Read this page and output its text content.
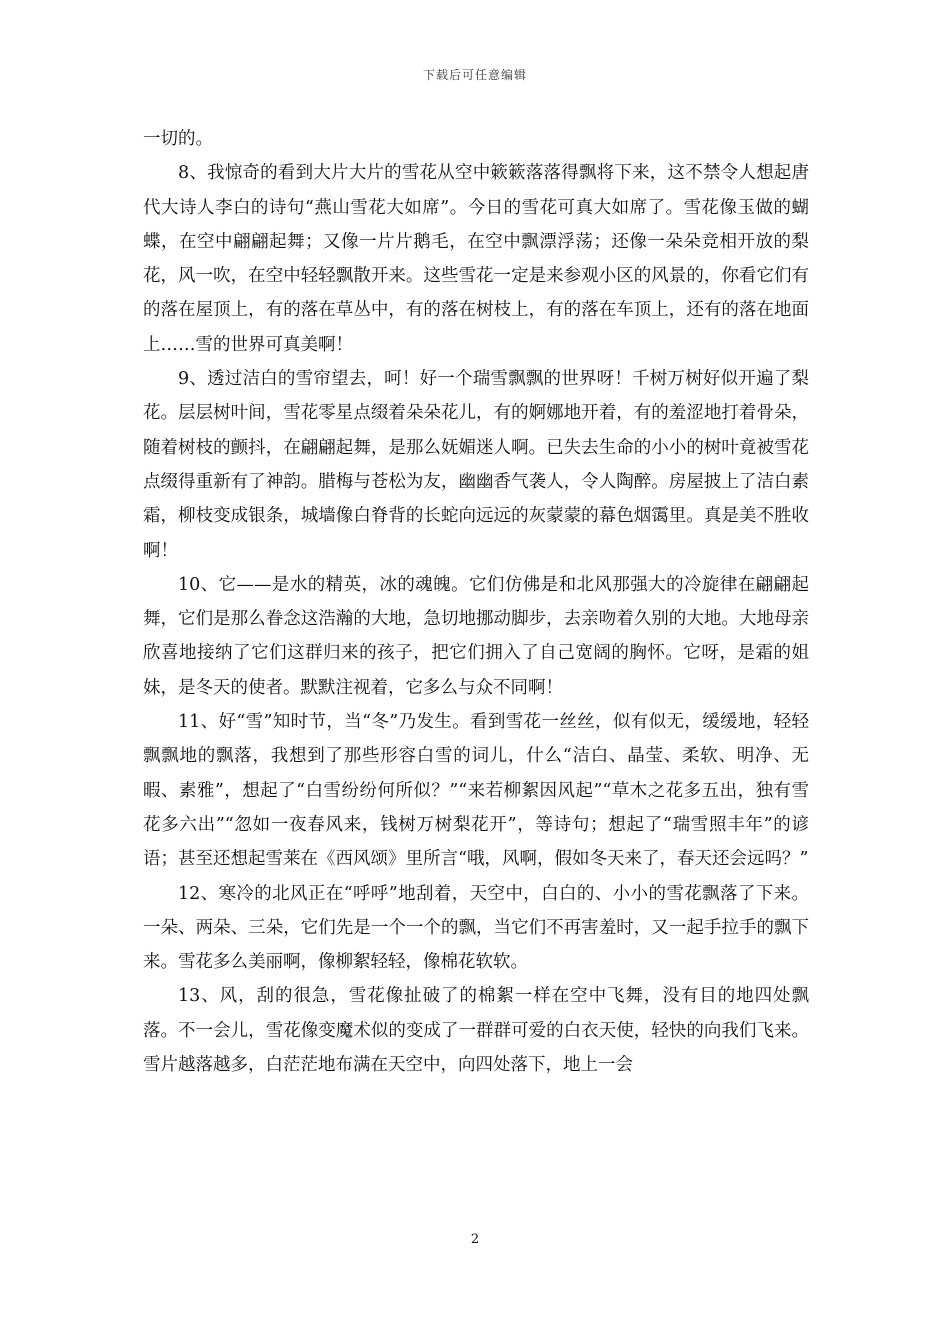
下载后可任意编辑

一切的。

8、我惊奇的看到大片大片的雪花从空中簌簌落落得飘将下来，这不禁令人想起唐代大诗人李白的诗句“燕山雪花大如席”。今日的雪花可真大如席了。雪花像玉做的蝴蝶，在空中翩翩起舞；又像一片片鹅毛，在空中飘漂浮荡；还像一朵朵竞相开放的梨花，风一吹，在空中轻轻飘散开来。这些雪花一定是来参观小区的风景的，你看它们有的落在屋顶上，有的落在草丛中，有的落在树枝上，有的落在车顶上，还有的落在地面上……雪的世界可真美啊！

9、透过洁白的雪帘望去，呵！好一个瑞雪飘飘的世界呀！千树万树好似开遍了梨花。层层树叶间，雪花零星点缀着朵朵花儿，有的婀娜地开着，有的羞涩地打着骨朵，随着树枝的颤抖，在翩翩起舞，是那么妩媚迷人啊。已失去生命的小小的树叶竟被雪花点缀得重新有了神韵。腊梅与苍松为友，幽幽香气袭人，令人陶醉。房屋披上了洁白素霜，柳枝变成银条，城墙像白脊背的长蛇向远远的灰蒙蒙的幕色烟霭里。真是美不胜收啊！

10、它——是水的精英，冰的魂魄。它们仿佛是和北风那强大的冷旋律在翩翩起舞，它们是那么眷念这浩瀚的大地，急切地挪动脚步，去亲吻着久别的大地。大地母亲欣喜地接纳了它们这群归来的孩子，把它们拥入了自己宽阔的胸怀。它呀，是霜的姐妹，是冬天的使者。默默注视着，它多么与众不同啊！

11、好“雪”知时节，当“冬”乃发生。看到雪花一丝丝，似有似无，缓缓地，轻轻飘飘地的飘落，我想到了那些形容白雪的词儿，什么“洁白、晶莹、柔软、明净、无暇、素雅”，想起了“白雪纷纷何所似？”“来若柳絮因风起”“草木之花多五出，独有雪花多六出”“忽如一夜春风来，钱树万树梨花开”，等诗句；想起了“瑞雪照丰年”的谚语；甚至还想起雪莱在《西风颂》里所言“哦，风啊，假如冬天来了，春天还会远吗？”

12、寒冷的北风正在“呼呼”地刮着，天空中，白白的、小小的雪花飘落了下来。一朵、两朵、三朵，它们先是一个一个的飘，当它们不再害羞时，又一起手拉手的飘下来。雪花多么美丽啊，像柳絮轻轻，像棉花软软。

13、风，刮的很急，雪花像扯破了的棉絮一样在空中飞舞，没有目的地四处飘落。不一会儿，雪花像变魔术似的变成了一群群可爱的白衣天使，轻快的向我们飞来。雪片越落越多，白茫茫地布满在天空中，向四处落下，地上一会

2
